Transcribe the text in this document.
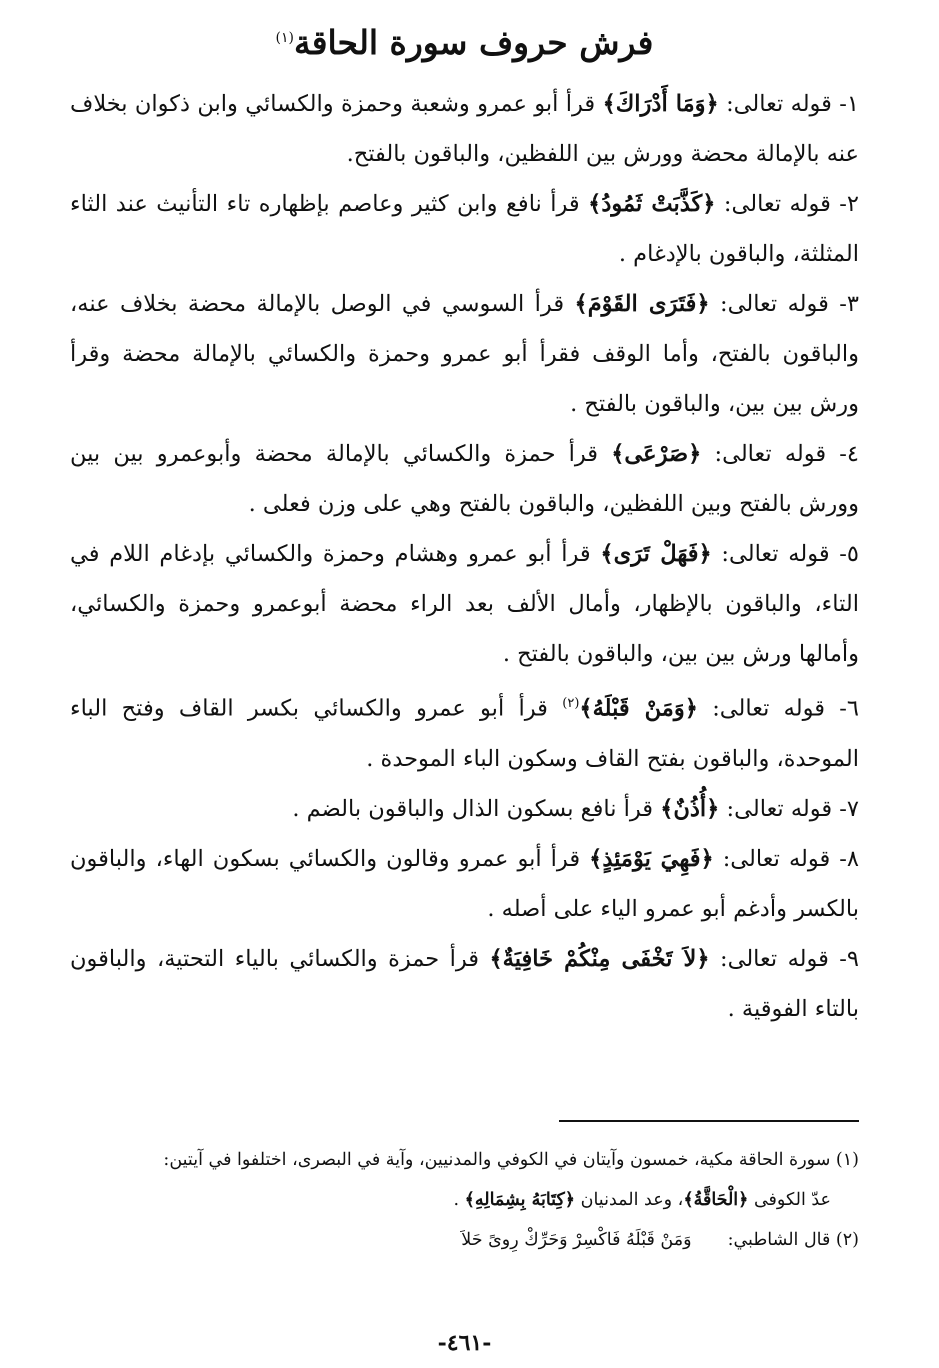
فرش حروف سورة الحاقة$^{(١)}$

١- قوله تعالى: ﴿وَمَا أَدْرَاكَ﴾ قرأ أبو عمرو وشعبة وحمزة والكسائي وابن ذكوان بخلاف عنه بالإمالة محضة وورش بين اللفظين، والباقون بالفتح.

٢- قوله تعالى: ﴿كَذَّبَتْ ثَمُودُ﴾ قرأ نافع وابن كثير وعاصم بإظهاره تاء التأنيث عند الثاء المثلثة، والباقون بالإدغام .

٣- قوله تعالى: ﴿فَتَرَى القَوْمَ﴾ قرأ السوسي في الوصل بالإمالة محضة بخلاف عنه، والباقون بالفتح، وأما الوقف فقرأ أبو عمرو وحمزة والكسائي بالإمالة محضة وقرأ ورش بين بين، والباقون بالفتح .

٤- قوله تعالى: ﴿صَرْعَى﴾ قرأ حمزة والكسائي بالإمالة محضة وأبوعمرو بين بين وورش بالفتح وبين اللفظين، والباقون بالفتح وهي على وزن فعلى .

٥- قوله تعالى: ﴿فَهَلْ تَرَى﴾ قرأ أبو عمرو وهشام وحمزة والكسائي بإدغام اللام في التاء، والباقون بالإظهار، وأمال الألف بعد الراء محضة أبوعمرو وحمزة والكسائي، وأمالها ورش بين بين، والباقون بالفتح .

٦- قوله تعالى: ﴿وَمَنْ قَبْلَهُ﴾$^{(٢)}$ قرأ أبو عمرو والكسائي بكسر القاف وفتح الباء الموحدة، والباقون بفتح القاف وسكون الباء الموحدة .

٧- قوله تعالى: ﴿أُذُنٌ﴾ قرأ نافع بسكون الذال والباقون بالضم .

٨- قوله تعالى: ﴿فَهِيَ يَوْمَئِذٍ﴾ قرأ أبو عمرو وقالون والكسائي بسكون الهاء، والباقون بالكسر وأدغم أبو عمرو الياء على أصله .

٩- قوله تعالى: ﴿لاَ تَخْفَى مِنْكُمْ خَافِيَةٌ﴾ قرأ حمزة والكسائي بالياء التحتية، والباقون بالتاء الفوقية .

(١) سورة الحاقة مكية، خمسون وآيتان في الكوفي والمدنيين، وآية في البصرى، اختلفوا في آيتين:

عدّ الكوفى ﴿الْحَاقَّةُ﴾، وعد المدنيان ﴿كِتَابَهُ بِشِمَالِهِ﴾ .

(٢) قال الشاطبي:وَمَنْ قَبْلَهُ فَاكْسِرْ وَحَرِّكْ رِوىً حَلاَ

-٤٦١-
